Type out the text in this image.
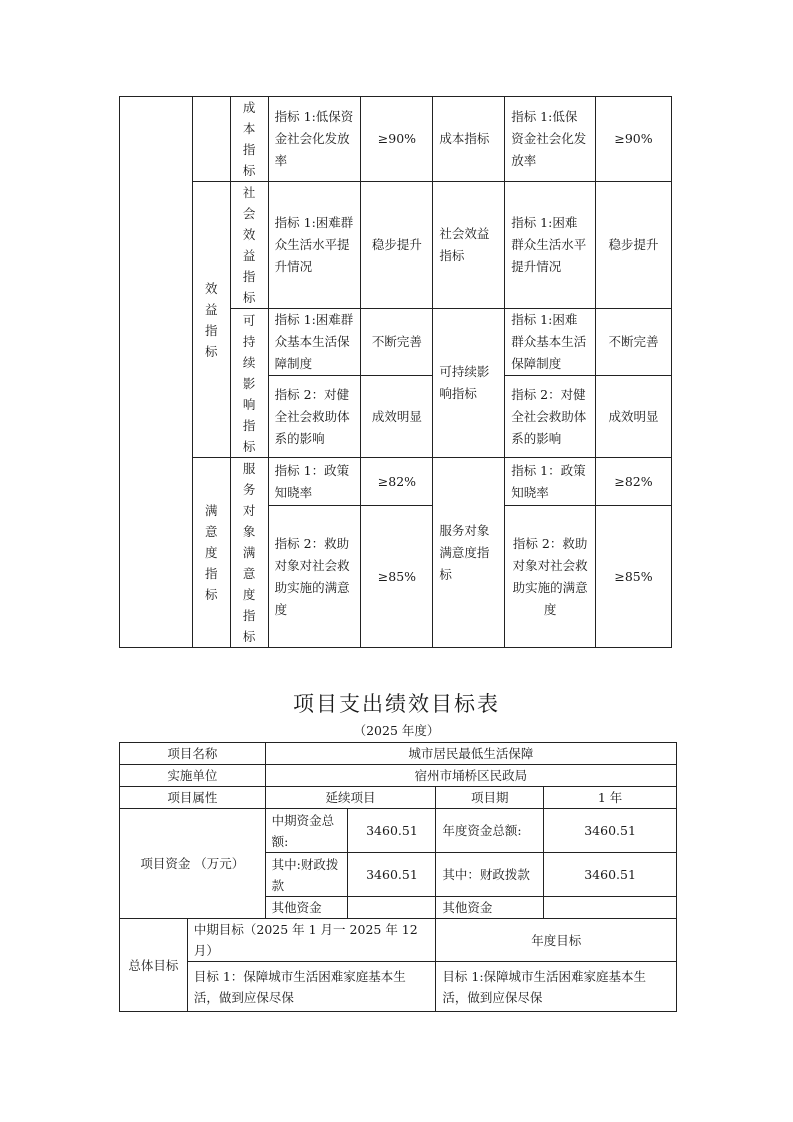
		成本指标	指标 1:低保资金社会化发放率	≥90%	成本指标	指标 1:低保资金社会化发放率	≥90%

	效益指标	社会效益指标	指标 1:困难群众生活水平提升情况	稳步提升	社会效益指标	指标 1:困难群众生活水平提升情况	稳步提升

		可持续影响指标	指标 1:困难群众基本生活保障制度	不断完善	可持续影响指标	指标 1:困难群众基本生活保障制度	不断完善
			指标 2：对健全社会救助体系的影响	成效明显		指标 2：对健全社会救助体系的影响	成效明显

	满意度指标	服务对象满意度指标	指标 1：政策知晓率	≥82%	服务对象满意度指标	指标 1：政策知晓率	≥82%
			指标 2：救助对象对社会救助实施的满意度	≥85%		指标 2：救助对象对社会救助实施的满意度	≥85%
项目支出绩效目标表
（2025 年度）
项目名称		城市居民最低生活保障			
实施单位		宿州市埇桥区民政局			
项目属性		延续项目		项目期	1 年
项目资金 （万元）		中期资金总额:	3460.51	年度资金总额:	3460.51
		其中:财政拨款	3460.51	其中：财政拨款	3460.51
		其他资金		其他资金	
总体目标	中期目标（2025 年 1 月一 2025 年 12 月）			年度目标	
	目标 1：保障城市生活困难家庭基本生活，做到应保尽保			目标 1:保障城市生活困难家庭基本生活，做到应保尽保	
